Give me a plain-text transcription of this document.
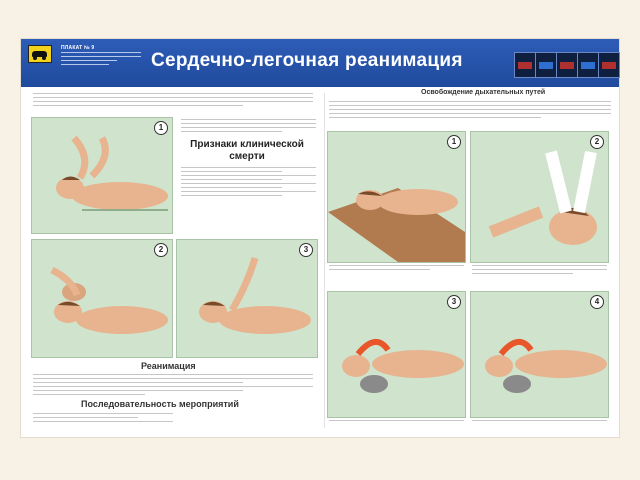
ПЛАКАТ № 9
Сердечно-легочная реанимация
1
Признаки клинической смерти
2	3
Реанимация
Последовательность мероприятий
Освобождение дыхательных путей
1	2
3	4
